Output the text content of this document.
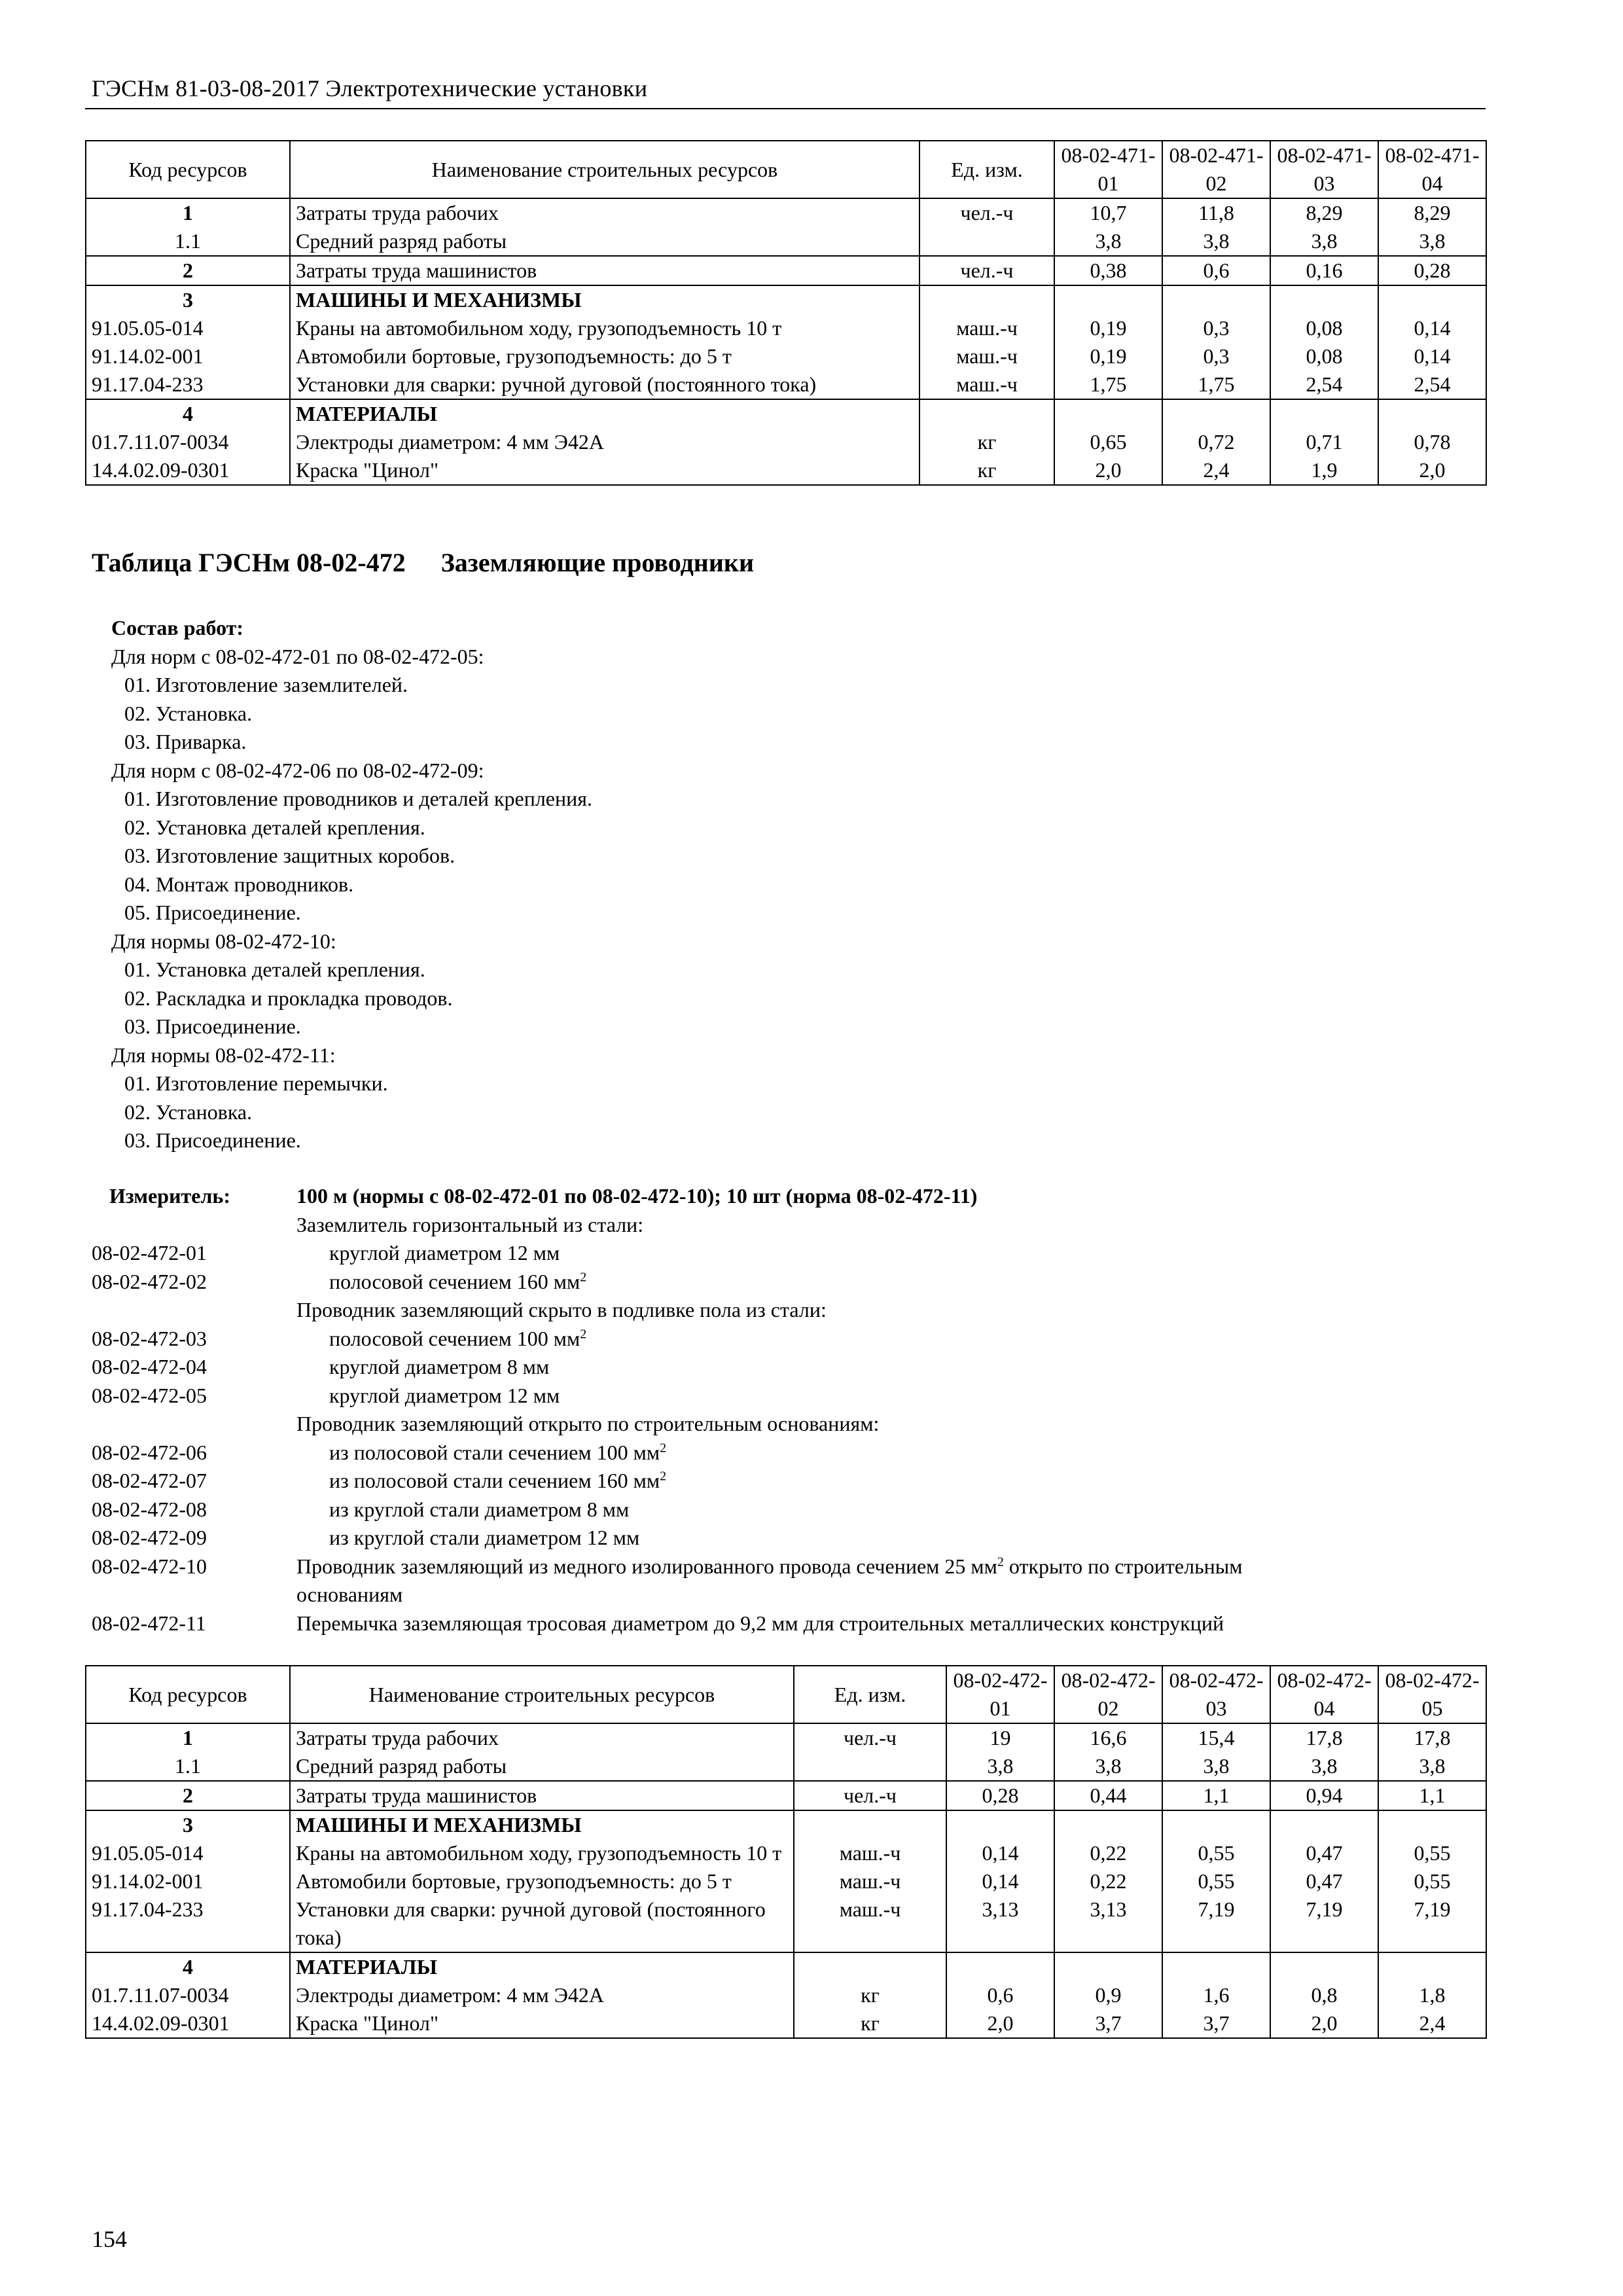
ГЭСНм 81-03-08-2017 Электротехнические установки
Код ресурсов	Наименование строительных ресурсов	Ед. изм.	08-02-471-01	08-02-471-02	08-02-471-03	08-02-471-04
1	Затраты труда рабочих	чел.-ч	10,7	11,8	8,29	8,29
1.1	Средний разряд работы		3,8	3,8	3,8	3,8
2	Затраты труда машинистов	чел.-ч	0,38	0,6	0,16	0,28
3	МАШИНЫ И МЕХАНИЗМЫ					
91.05.05-014	Краны на автомобильном ходу, грузоподъемность 10 т	маш.-ч	0,19	0,3	0,08	0,14
91.14.02-001	Автомобили бортовые, грузоподъемность: до 5 т	маш.-ч	0,19	0,3	0,08	0,14
91.17.04-233	Установки для сварки: ручной дуговой (постоянного тока)	маш.-ч	1,75	1,75	2,54	2,54
4	МАТЕРИАЛЫ					
01.7.11.07-0034	Электроды диаметром: 4 мм Э42А	кг	0,65	0,72	0,71	0,78
14.4.02.09-0301	Краска "Цинол"	кг	2,0	2,4	1,9	2,0
Таблица ГЭСНм 08-02-472 Заземляющие проводники
Состав работ:
Для норм с 08-02-472-01 по 08-02-472-05:
01. Изготовление заземлителей.
02. Установка.
03. Приварка.
Для норм с 08-02-472-06 по 08-02-472-09:
01. Изготовление проводников и деталей крепления.
02. Установка деталей крепления.
03. Изготовление защитных коробов.
04. Монтаж проводников.
05. Присоединение.
Для нормы 08-02-472-10:
01. Установка деталей крепления.
02. Раскладка и прокладка проводов.
03. Присоединение.
Для нормы 08-02-472-11:
01. Изготовление перемычки.
02. Установка.
03. Присоединение.
Измеритель:	100 м (нормы с 08-02-472-01 по 08-02-472-10); 10 шт (норма 08-02-472-11)
Заземлитель горизонтальный из стали:
08-02-472-01	круглой диаметром 12 мм
08-02-472-02	полосовой сечением 160 $мм^2$
Проводник заземляющий скрыто в подливке пола из стали:
08-02-472-03	полосовой сечением 100 $мм^2$
08-02-472-04	круглой диаметром 8 мм
08-02-472-05	круглой диаметром 12 мм
Проводник заземляющий открыто по строительным основаниям:
08-02-472-06	из полосовой стали сечением 100 $мм^2$
08-02-472-07	из полосовой стали сечением 160 $мм^2$
08-02-472-08	из круглой стали диаметром 8 мм
08-02-472-09	из круглой стали диаметром 12 мм
08-02-472-10	Проводник заземляющий из медного изолированного провода сечением 25 $мм^2$ открыто по строительным
основаниям
08-02-472-11	Перемычка заземляющая тросовая диаметром до 9,2 мм для строительных металлических конструкций
Код ресурсов	Наименование строительных ресурсов	Ед. изм.	08-02-472-01	08-02-472-02	08-02-472-03	08-02-472-04	08-02-472-05
1	Затраты труда рабочих	чел.-ч	19	16,6	15,4	17,8	17,8
1.1	Средний разряд работы		3,8	3,8	3,8	3,8	3,8
2	Затраты труда машинистов	чел.-ч	0,28	0,44	1,1	0,94	1,1
3	МАШИНЫ И МЕХАНИЗМЫ						
91.05.05-014	Краны на автомобильном ходу, грузоподъемность 10 т	маш.-ч	0,14	0,22	0,55	0,47	0,55
91.14.02-001	Автомобили бортовые, грузоподъемность: до 5 т	маш.-ч	0,14	0,22	0,55	0,47	0,55
91.17.04-233	Установки для сварки: ручной дуговой (постоянного тока)	маш.-ч	3,13	3,13	7,19	7,19	7,19
4	МАТЕРИАЛЫ						
01.7.11.07-0034	Электроды диаметром: 4 мм Э42А	кг	0,6	0,9	1,6	0,8	1,8
14.4.02.09-0301	Краска "Цинол"	кг	2,0	3,7	3,7	2,0	2,4
154
